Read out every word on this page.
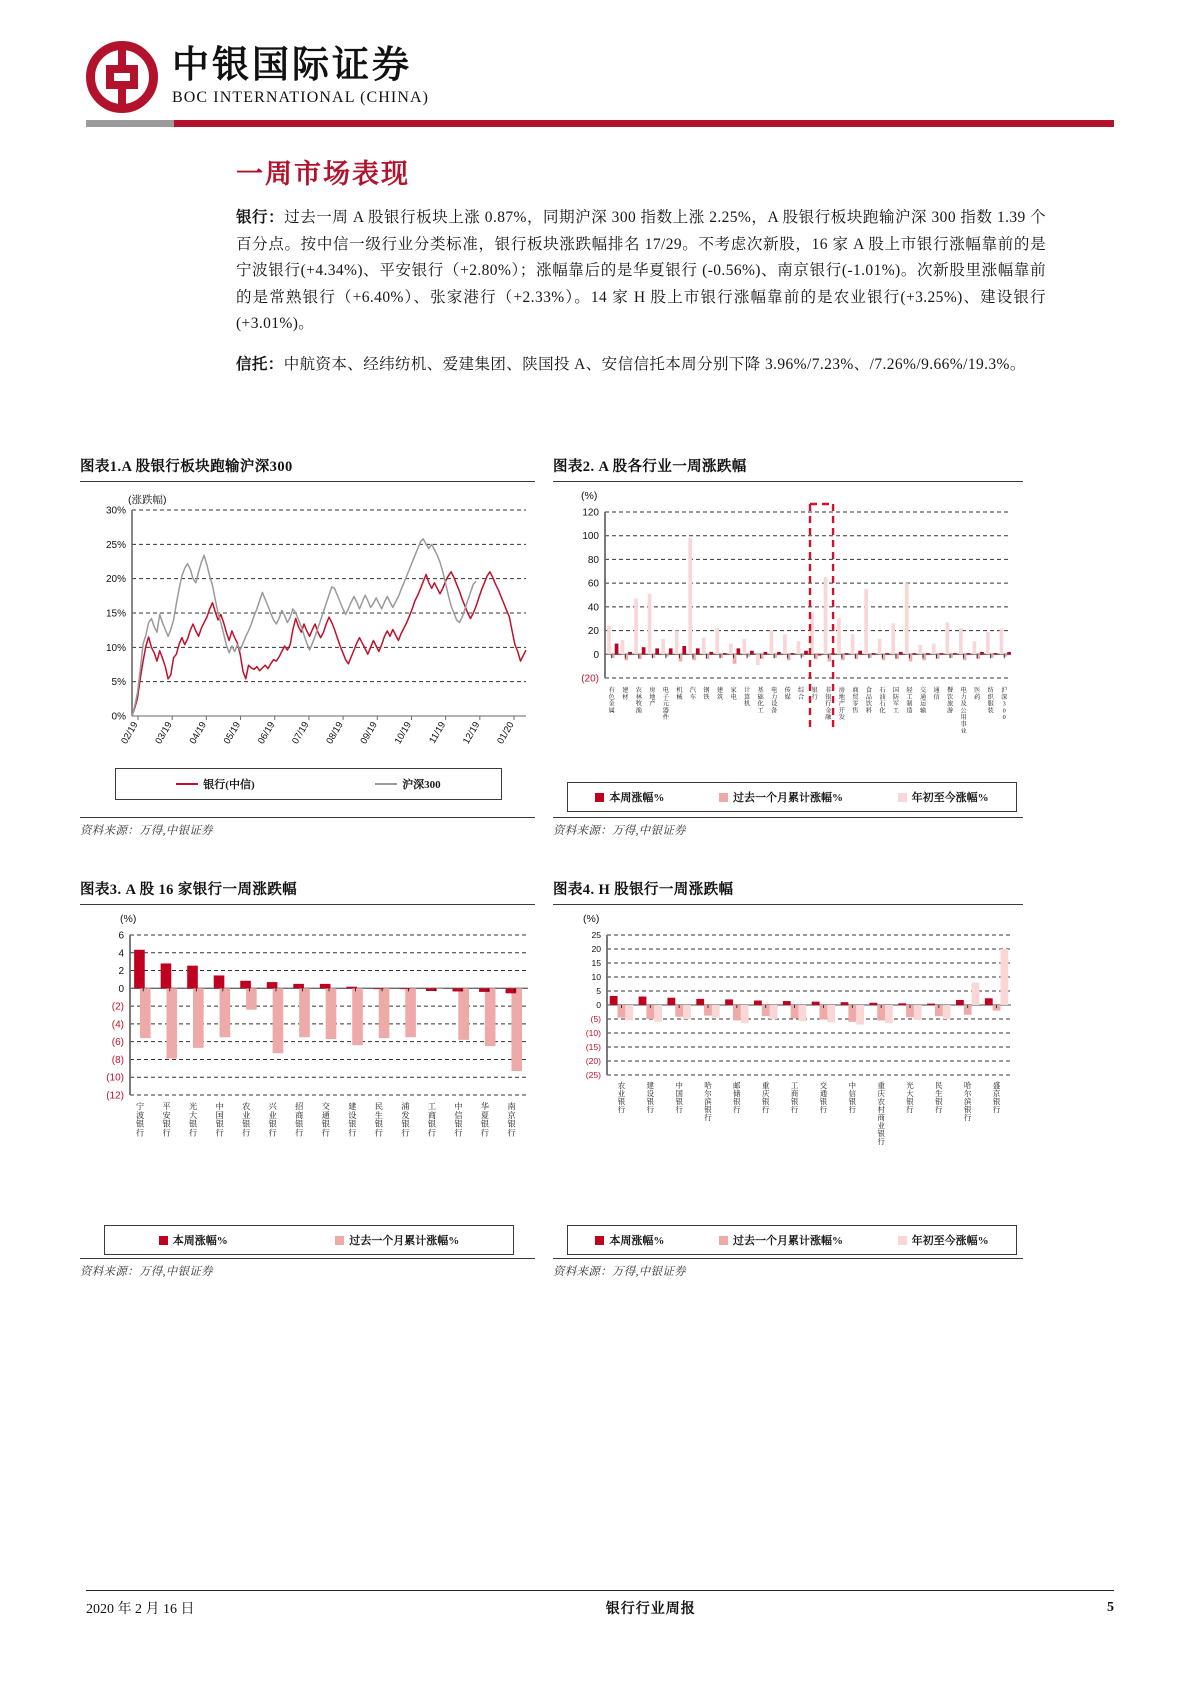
中银国际证券
BOC INTERNATIONAL (CHINA)
一周市场表现
银行：过去一周 A 股银行板块上涨 0.87%，同期沪深 300 指数上涨 2.25%，A 股银行板块跑输沪深 300 指数 1.39 个百分点。按中信一级行业分类标准，银行板块涨跌幅排名 17/29。不考虑次新股，16 家 A 股上市银行涨幅靠前的是宁波银行(+4.34%)、平安银行（+2.80%）；涨幅靠后的是华夏银行 (-0.56%)、南京银行(-1.01%)。次新股里涨幅靠前的是常熟银行（+6.40%）、张家港行（+2.33%）。14 家 H 股上市银行涨幅靠前的是农业银行(+3.25%)、建设银行(+3.01%)。
信托：中航资本、经纬纺机、爱建集团、陕国投 A、安信信托本周分别下降 3.96%/7.23%、/7.26%/9.66%/19.3%。
图表1.A 股银行板块跑输沪深300
(涨跌幅)
0%
5%
10%
15%
20%
25%
30%
02/19 03/19 04/19 05/19 06/19 07/19 08/19 09/19 10/19 11/19 12/19 01/20
银行(中信)	沪深300
资料来源：万得,中银证券
图表2. A 股各行业一周涨跌幅
(%)
120
100
80
60
40
20
0
(20)
有
色
金
属
建
材
农
林
牧
渔
房
地
产
电
子
元
器
件
机
械
汽
车
钢
铁
建
筑
家
电
计
算
机
基
础
化
工
电
力
设
备
传
媒
综
合
银
行
非
银
行
金
融
房
地
产
开
发
商
贸
零
售
食
品
饮
料
石
油
石
化
国
防
军
工
轻
工
制
造
交
通
运
输
通
信
餐
饮
旅
游
电
力
及
公
用
事
业
医
药
纺
织
服
装
沪
深
3
0
0
本周涨幅%	过去一个月累计涨幅%	年初至今涨幅%
资料来源：万得,中银证券
图表3. A 股 16 家银行一周涨跌幅
(%)
6
4
2
0
(2)
(4)
(6)
(8)
(10)
(12)
宁
波
银
行
平
安
银
行
光
大
银
行
中
国
银
行
农
业
银
行
兴
业
银
行
招
商
银
行
交
通
银
行
建
设
银
行
民
生
银
行
浦
发
银
行
工
商
银
行
中
信
银
行
华
夏
银
行
南
京
银
行
本周涨幅%	过去一个月累计涨幅%
资料来源：万得,中银证券
图表4. H 股银行一周涨跌幅
(%)
25
20
15
10
5
0
(5)
(10)
(15)
(20)
(25)
农
业
银
行
建
设
银
行
中
国
银
行
哈
尔
滨
银
行
邮
储
银
行
重
庆
银
行
工
商
银
行
交
通
银
行
中
信
银
行
重
庆
农
村
商
业
银
行
光
大
银
行
民
生
银
行
哈
尔
滨
银
行
盛
京
银
行
本周涨幅%	过去一个月累计涨幅%	年初至今涨幅%
资料来源：万得,中银证券
2020 年 2 月 16 日	银行行业周报	5
